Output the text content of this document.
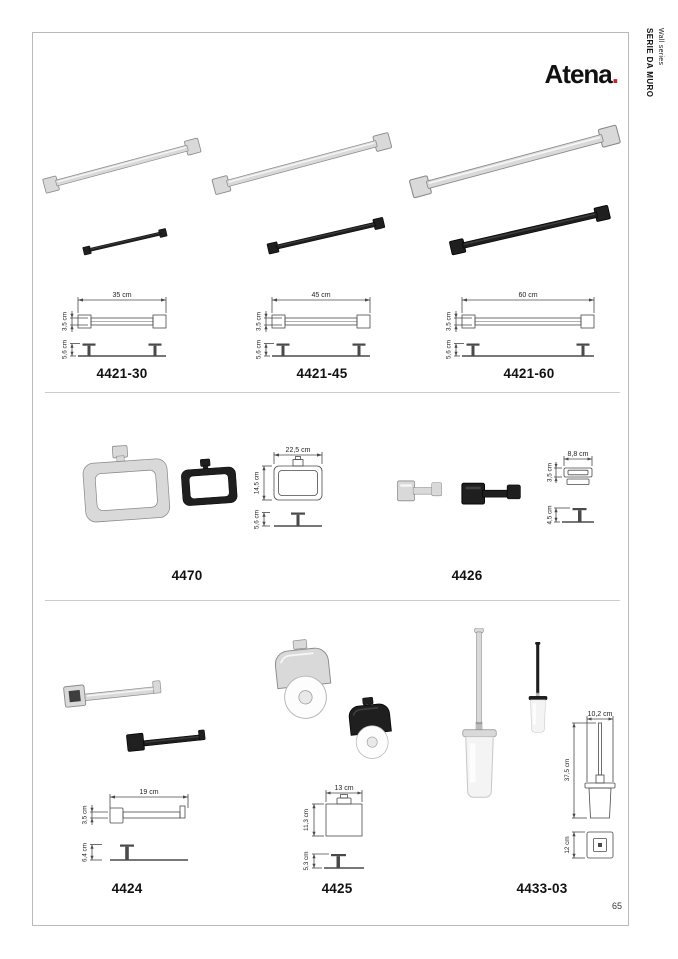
Atena.	SERIE DA MURO Wall series
35 cm
3,5 cm
5,6 cm
4421-30
45 cm
3,5 cm
5,6 cm
4421-45
60 cm
3,5 cm
5,6 cm
4421-60
22,5 cm
14,5 cm
5,6 cm
4470
8,8 cm
3,5 cm
4,5 cm
4426
19 cm
3,5 cm
6,4 cm
4424
13 cm
11,3 cm
5,3 cm
4425
10,2 cm
37,5 cm
12 cm
4433-03
65
